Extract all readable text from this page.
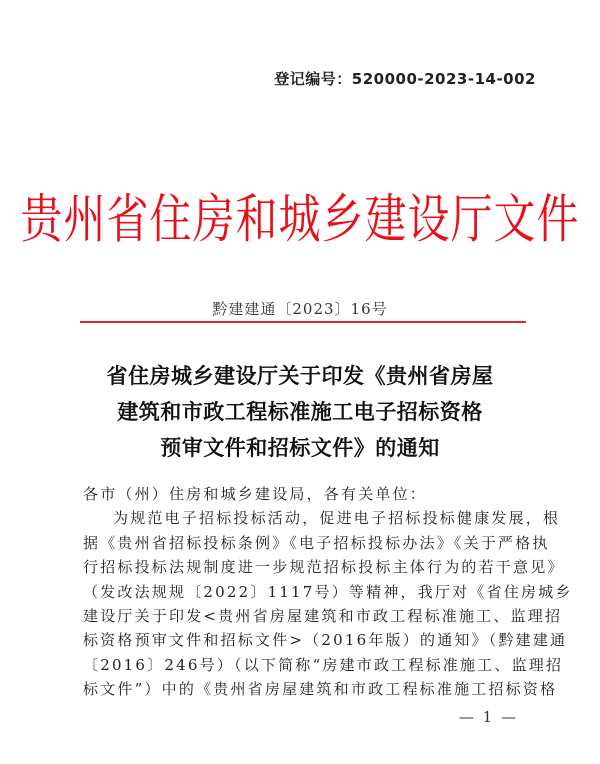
登记编号：520000-2023-14-002
贵州省住房和城乡建设厅文件
黔建建通〔2023〕16号
省住房城乡建设厅关于印发《贵州省房屋
建筑和市政工程标准施工电子招标资格
预审文件和招标文件》的通知

各市（州）住房和城乡建设局，各有关单位：

为规范电子招标投标活动，促进电子招标投标健康发展，根

据《贵州省招标投标条例》《电子招标投标办法》《关于严格执

行招标投标法规制度进一步规范招标投标主体行为的若干意见》

（发改法规规〔2022〕1117号）等精神，我厅对《省住房城乡

建设厅关于印发<贵州省房屋建筑和市政工程标准施工、监理招

标资格预审文件和招标文件>（2016年版）的通知》（黔建建通

〔2016〕246号）（以下简称“房建市政工程标准施工、监理招

标文件”）中的《贵州省房屋建筑和市政工程标准施工招标资格

— 1 —
